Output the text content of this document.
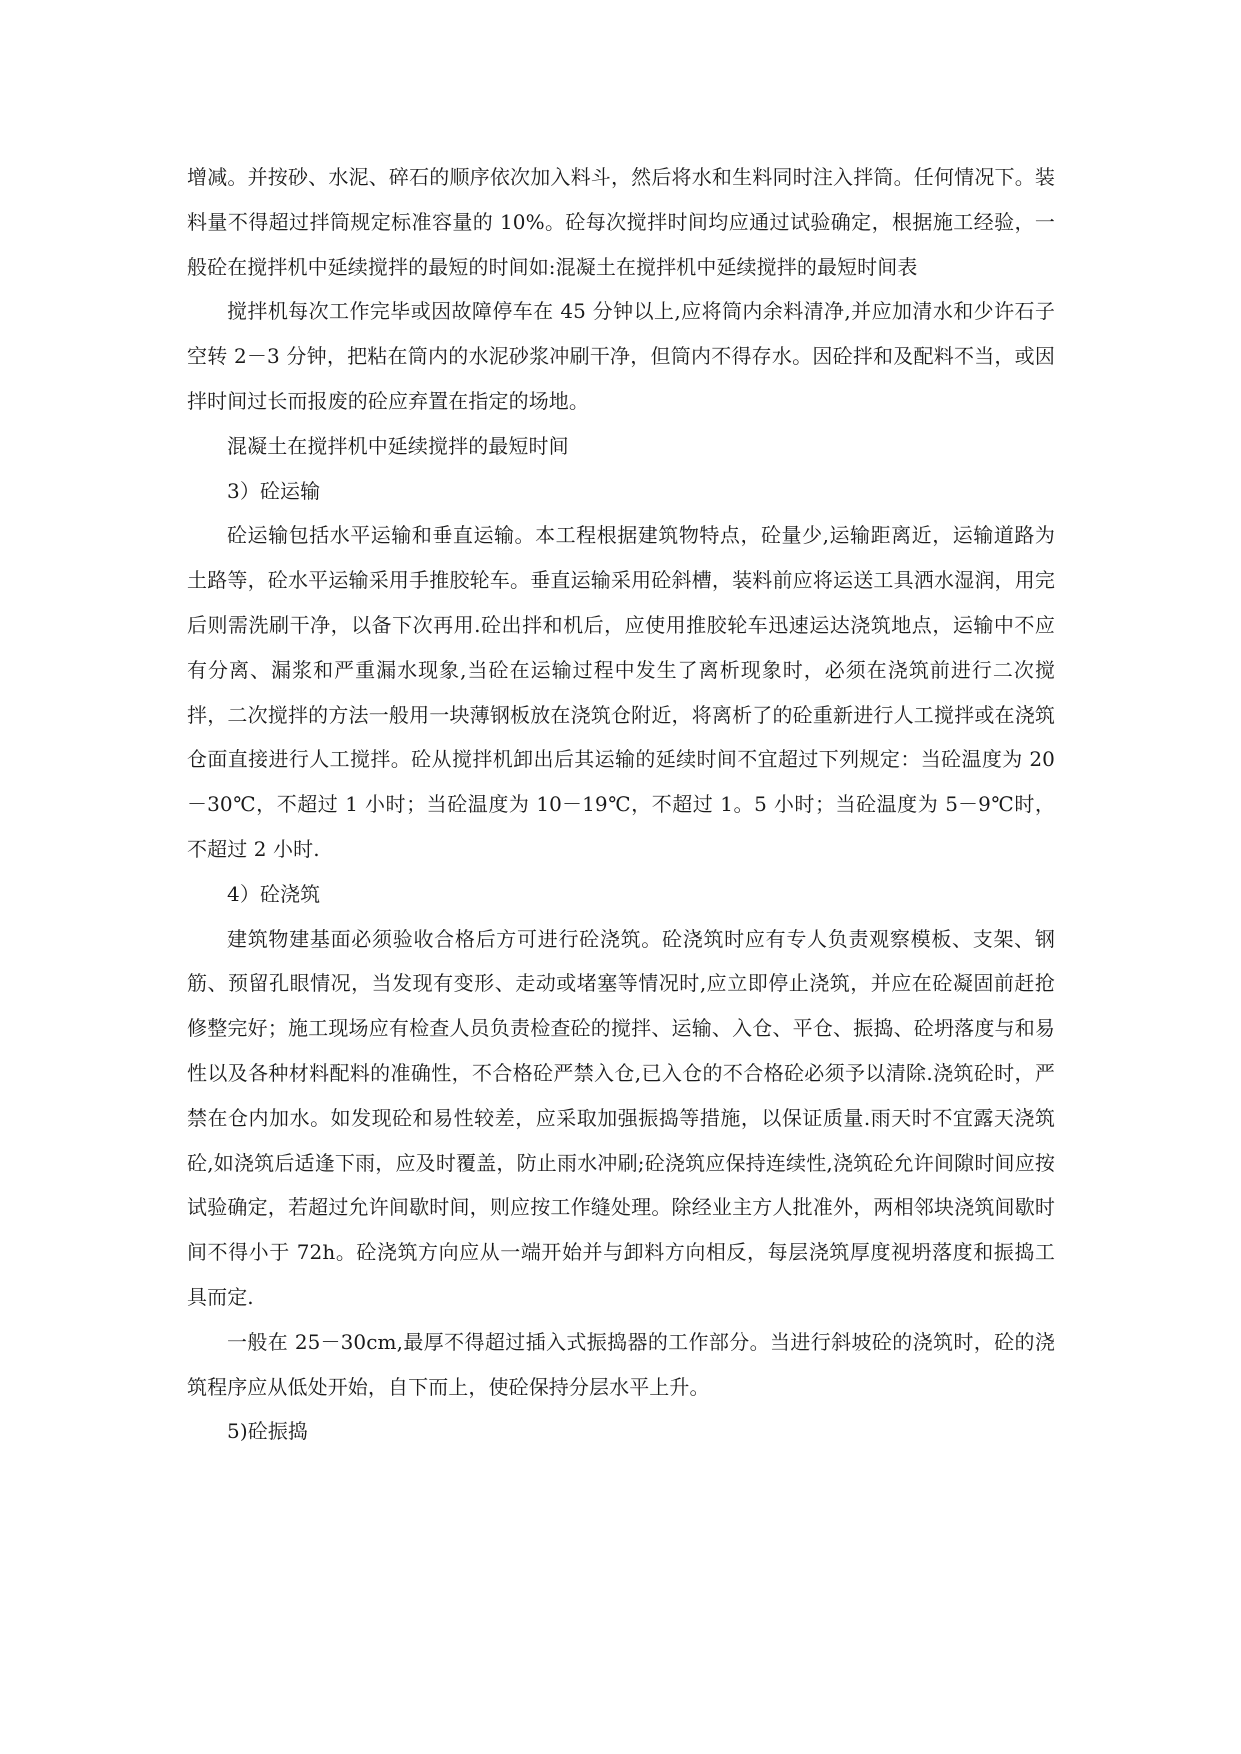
增减。并按砂、水泥、碎石的顺序依次加入料斗，然后将水和生料同时注入拌筒。任何情况下。装料量不得超过拌筒规定标准容量的 10%。砼每次搅拌时间均应通过试验确定，根据施工经验，一般砼在搅拌机中延续搅拌的最短的时间如:混凝土在搅拌机中延续搅拌的最短时间表

搅拌机每次工作完毕或因故障停车在 45 分钟以上,应将筒内余料清净,并应加清水和少许石子空转 2－3 分钟，把粘在筒内的水泥砂浆冲刷干净，但筒内不得存水。因砼拌和及配料不当，或因拌时间过长而报废的砼应弃置在指定的场地。

混凝土在搅拌机中延续搅拌的最短时间

3）砼运输

砼运输包括水平运输和垂直运输。本工程根据建筑物特点，砼量少,运输距离近，运输道路为土路等，砼水平运输采用手推胶轮车。垂直运输采用砼斜槽，装料前应将运送工具洒水湿润，用完后则需洗刷干净，以备下次再用.砼出拌和机后，应使用推胶轮车迅速运达浇筑地点，运输中不应有分离、漏浆和严重漏水现象,当砼在运输过程中发生了离析现象时，必须在浇筑前进行二次搅拌，二次搅拌的方法一般用一块薄钢板放在浇筑仓附近，将离析了的砼重新进行人工搅拌或在浇筑仓面直接进行人工搅拌。砼从搅拌机卸出后其运输的延续时间不宜超过下列规定：当砼温度为 20－30℃，不超过 1 小时；当砼温度为 10－19℃，不超过 1。5 小时；当砼温度为 5－9℃时，不超过 2 小时.

4）砼浇筑

建筑物建基面必须验收合格后方可进行砼浇筑。砼浇筑时应有专人负责观察模板、支架、钢筋、预留孔眼情况，当发现有变形、走动或堵塞等情况时,应立即停止浇筑，并应在砼凝固前赶抢修整完好；施工现场应有检查人员负责检查砼的搅拌、运输、入仓、平仓、振捣、砼坍落度与和易性以及各种材料配料的准确性，不合格砼严禁入仓,已入仓的不合格砼必须予以清除.浇筑砼时，严禁在仓内加水。如发现砼和易性较差，应采取加强振捣等措施，以保证质量.雨天时不宜露天浇筑砼,如浇筑后适逢下雨，应及时覆盖，防止雨水冲刷;砼浇筑应保持连续性,浇筑砼允许间隙时间应按试验确定，若超过允许间歇时间，则应按工作缝处理。除经业主方人批准外，两相邻块浇筑间歇时间不得小于 72h。砼浇筑方向应从一端开始并与卸料方向相反，每层浇筑厚度视坍落度和振捣工具而定.

一般在 25－30cm,最厚不得超过插入式振捣器的工作部分。当进行斜坡砼的浇筑时，砼的浇筑程序应从低处开始，自下而上，使砼保持分层水平上升。

5)砼振捣
